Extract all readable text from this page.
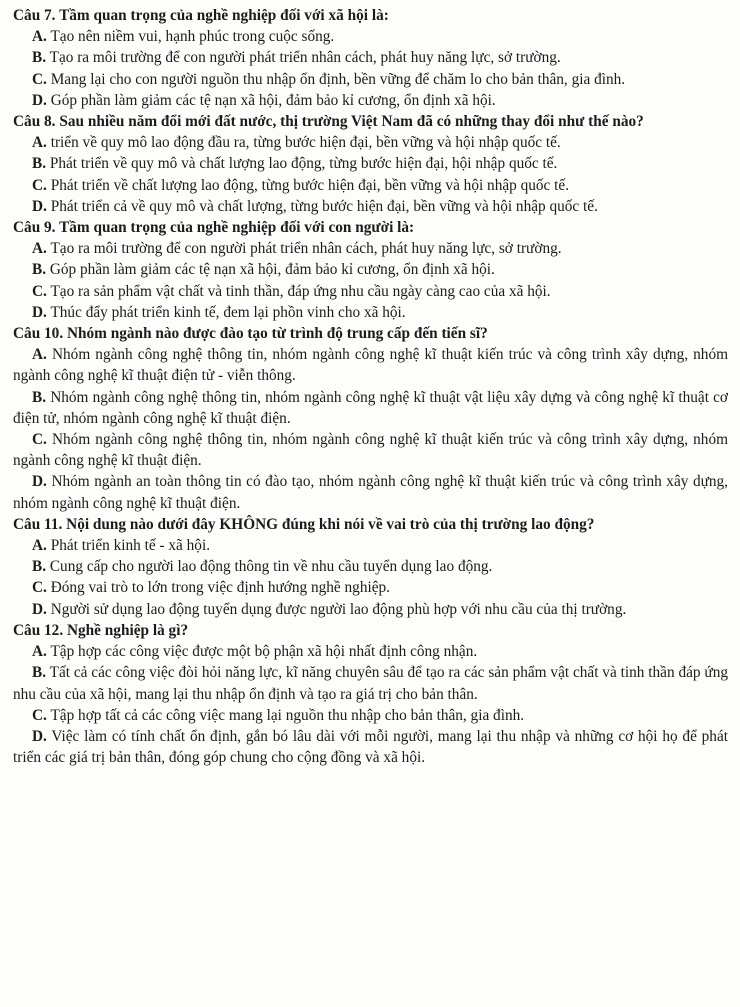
Câu 7. Tầm quan trọng của nghề nghiệp đối với xã hội là:

A. Tạo nên niềm vui, hạnh phúc trong cuộc sống.

B. Tạo ra môi trường để con người phát triển nhân cách, phát huy năng lực, sở trường.

C. Mang lại cho con người nguồn thu nhập ổn định, bền vững để chăm lo cho bản thân, gia đình.

D. Góp phần làm giảm các tệ nạn xã hội, đảm bảo kỉ cương, ổn định xã hội.

Câu 8. Sau nhiều năm đổi mới đất nước, thị trường Việt Nam đã có những thay đổi như thế nào?

A. triển về quy mô lao động đầu ra, từng bước hiện đại, bền vững và hội nhập quốc tế.

B. Phát triển về quy mô và chất lượng lao động, từng bước hiện đại, hội nhập quốc tế.

C. Phát triển về chất lượng lao động, từng bước hiện đại, bền vững và hội nhập quốc tế.

D. Phát triển cả về quy mô và chất lượng, từng bước hiện đại, bền vững và hội nhập quốc tế.

Câu 9. Tầm quan trọng của nghề nghiệp đối với con người là:

A. Tạo ra môi trường để con người phát triển nhân cách, phát huy năng lực, sở trường.

B. Góp phần làm giảm các tệ nạn xã hội, đảm bảo kỉ cương, ổn định xã hội.

C. Tạo ra sản phẩm vật chất và tinh thần, đáp ứng nhu cầu ngày càng cao của xã hội.

D. Thúc đẩy phát triển kinh tế, đem lại phồn vinh cho xã hội.

Câu 10. Nhóm ngành nào được đào tạo từ trình độ trung cấp đến tiến sĩ?

A. Nhóm ngành công nghệ thông tin, nhóm ngành công nghệ kĩ thuật kiến trúc và công trình xây dựng, nhóm ngành công nghệ kĩ thuật điện tử - viễn thông.

B. Nhóm ngành công nghệ thông tin, nhóm ngành công nghệ kĩ thuật vật liệu xây dựng và công nghệ kĩ thuật cơ điện tử, nhóm ngành công nghệ kĩ thuật điện.

C. Nhóm ngành công nghệ thông tin, nhóm ngành công nghệ kĩ thuật kiến trúc và công trình xây dựng, nhóm ngành công nghệ kĩ thuật điện.

D. Nhóm ngành an toàn thông tin có đào tạo, nhóm ngành công nghệ kĩ thuật kiến trúc và công trình xây dựng, nhóm ngành công nghệ kĩ thuật điện.

Câu 11. Nội dung nào dưới đây KHÔNG đúng khi nói về vai trò của thị trường lao động?

A. Phát triển kinh tế - xã hội.

B. Cung cấp cho người lao động thông tin về nhu cầu tuyển dụng lao động.

C. Đóng vai trò to lớn trong việc định hướng nghề nghiệp.

D. Người sử dụng lao động tuyển dụng được người lao động phù hợp với nhu cầu của thị trường.

Câu 12. Nghề nghiệp là gì?

A. Tập hợp các công việc được một bộ phận xã hội nhất định công nhận.

B. Tất cả các công việc đòi hỏi năng lực, kĩ năng chuyên sâu để tạo ra các sản phẩm vật chất và tinh thần đáp ứng nhu cầu của xã hội, mang lại thu nhập ổn định và tạo ra giá trị cho bản thân.

C. Tập hợp tất cả các công việc mang lại nguồn thu nhập cho bản thân, gia đình.

D. Việc làm có tính chất ổn định, gắn bó lâu dài với mỗi người, mang lại thu nhập và những cơ hội họ để phát triển các giá trị bản thân, đóng góp chung cho cộng đồng và xã hội.
